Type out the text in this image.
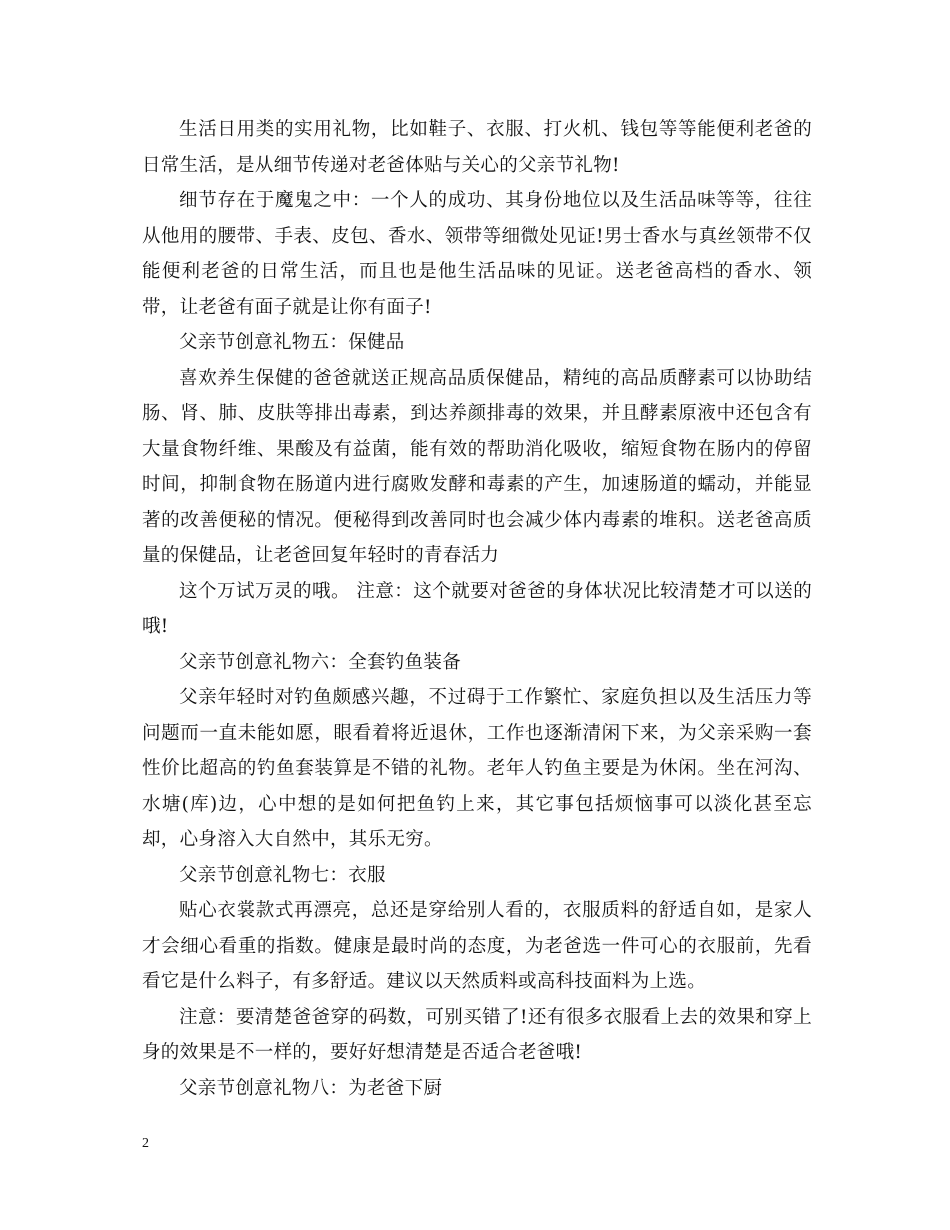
生活日用类的实用礼物，比如鞋子、衣服、打火机、钱包等等能便利老爸的日常生活，是从细节传递对老爸体贴与关心的父亲节礼物!

细节存在于魔鬼之中：一个人的成功、其身份地位以及生活品味等等，往往从他用的腰带、手表、皮包、香水、领带等细微处见证!男士香水与真丝领带不仅能便利老爸的日常生活，而且也是他生活品味的见证。送老爸高档的香水、领带，让老爸有面子就是让你有面子!

父亲节创意礼物五：保健品

喜欢养生保健的爸爸就送正规高品质保健品，精纯的高品质酵素可以协助结肠、肾、肺、皮肤等排出毒素，到达养颜排毒的效果，并且酵素原液中还包含有大量食物纤维、果酸及有益菌，能有效的帮助消化吸收，缩短食物在肠内的停留时间，抑制食物在肠道内进行腐败发酵和毒素的产生，加速肠道的蠕动，并能显著的改善便秘的情况。便秘得到改善同时也会减少体内毒素的堆积。送老爸高质量的保健品，让老爸回复年轻时的青春活力

这个万试万灵的哦。 注意：这个就要对爸爸的身体状况比较清楚才可以送的哦!

父亲节创意礼物六：全套钓鱼装备

父亲年轻时对钓鱼颇感兴趣，不过碍于工作繁忙、家庭负担以及生活压力等问题而一直未能如愿，眼看着将近退休，工作也逐渐清闲下来，为父亲采购一套性价比超高的钓鱼套装算是不错的礼物。老年人钓鱼主要是为休闲。坐在河沟、水塘(库)边，心中想的是如何把鱼钓上来，其它事包括烦恼事可以淡化甚至忘却，心身溶入大自然中，其乐无穷。

父亲节创意礼物七：衣服

贴心衣裳款式再漂亮，总还是穿给别人看的，衣服质料的舒适自如，是家人才会细心看重的指数。健康是最时尚的态度，为老爸选一件可心的衣服前，先看看它是什么料子，有多舒适。建议以天然质料或高科技面料为上选。

注意：要清楚爸爸穿的码数，可别买错了!还有很多衣服看上去的效果和穿上身的效果是不一样的，要好好想清楚是否适合老爸哦!

父亲节创意礼物八：为老爸下厨

2
